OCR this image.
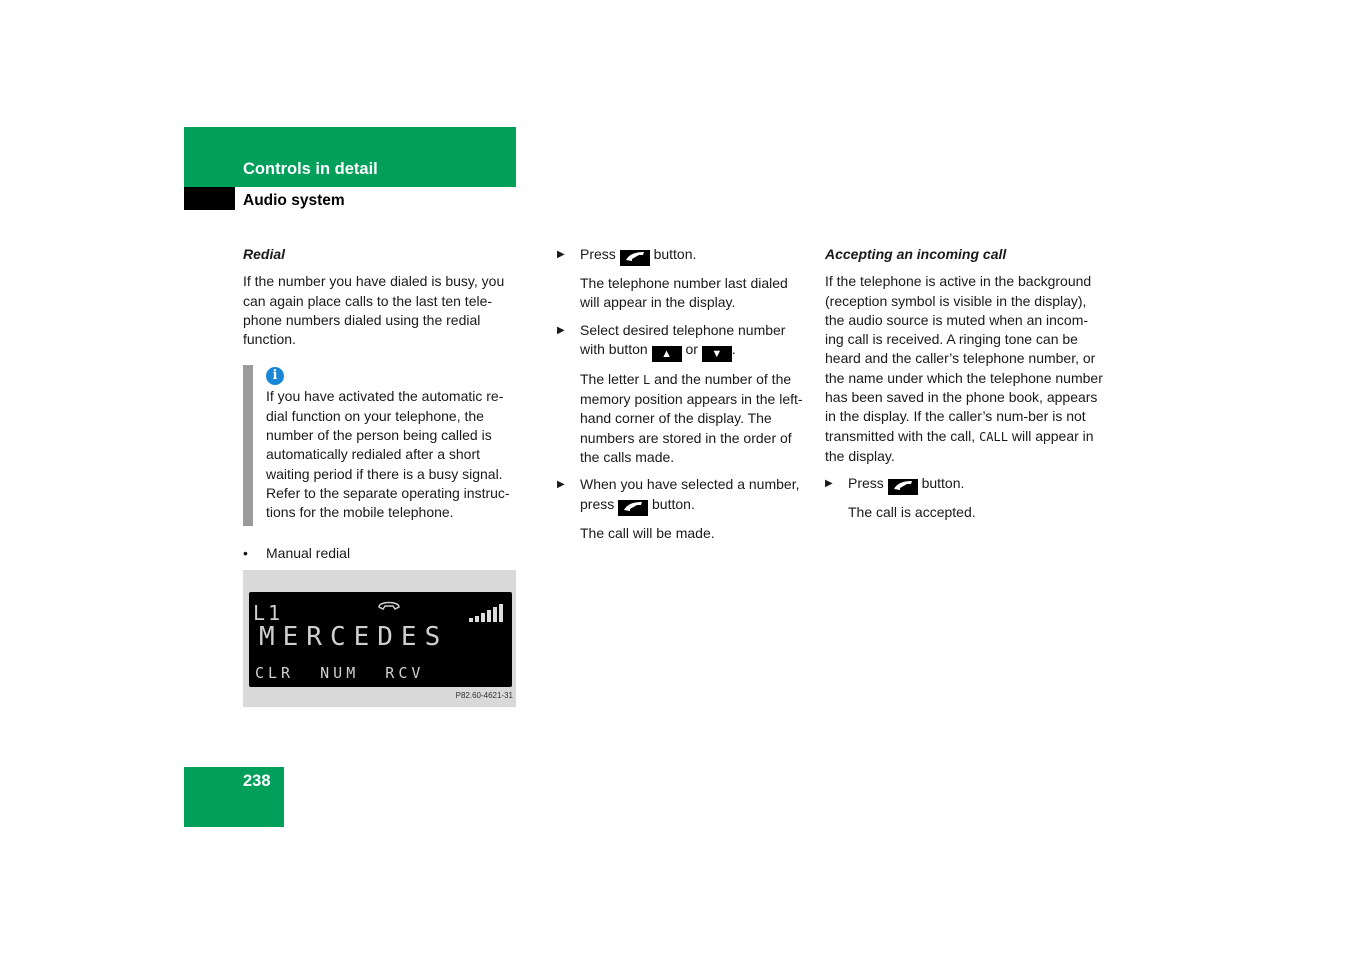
Controls in detail
Audio system
Redial

If the number you have dialed is busy, you can again place calls to the last ten tele-phone numbers dialed using the redial function.

i

If you have activated the automatic re-dial function on your telephone, the number of the person being called is automatically redialed after a short waiting period if there is a busy signal. Refer to the separate operating instruc-tions for the mobile telephone.

• Manual redial
L1
MERCEDES
CLR  NUM  RCV
P82.60-4621-31
▶ Press	button.

The telephone number last dialed will appear in the display.

▶ Select desired telephone number with button ▲ or ▼ .

The letter L and the number of the memory position appears in the left-hand corner of the display. The numbers are stored in the order of the calls made.

▶ When you have selected a number, press	button.

The call will be made.

Accepting an incoming call

If the telephone is active in the background (reception symbol is visible in the display), the audio source is muted when an incom-ing call is received. A ringing tone can be heard and the caller’s telephone number, or the name under which the telephone number has been saved in the phone book, appears in the display. If the caller’s num-ber is not transmitted with the call, CALL will appear in the display.

▶ Press	button.

The call is accepted.

238
